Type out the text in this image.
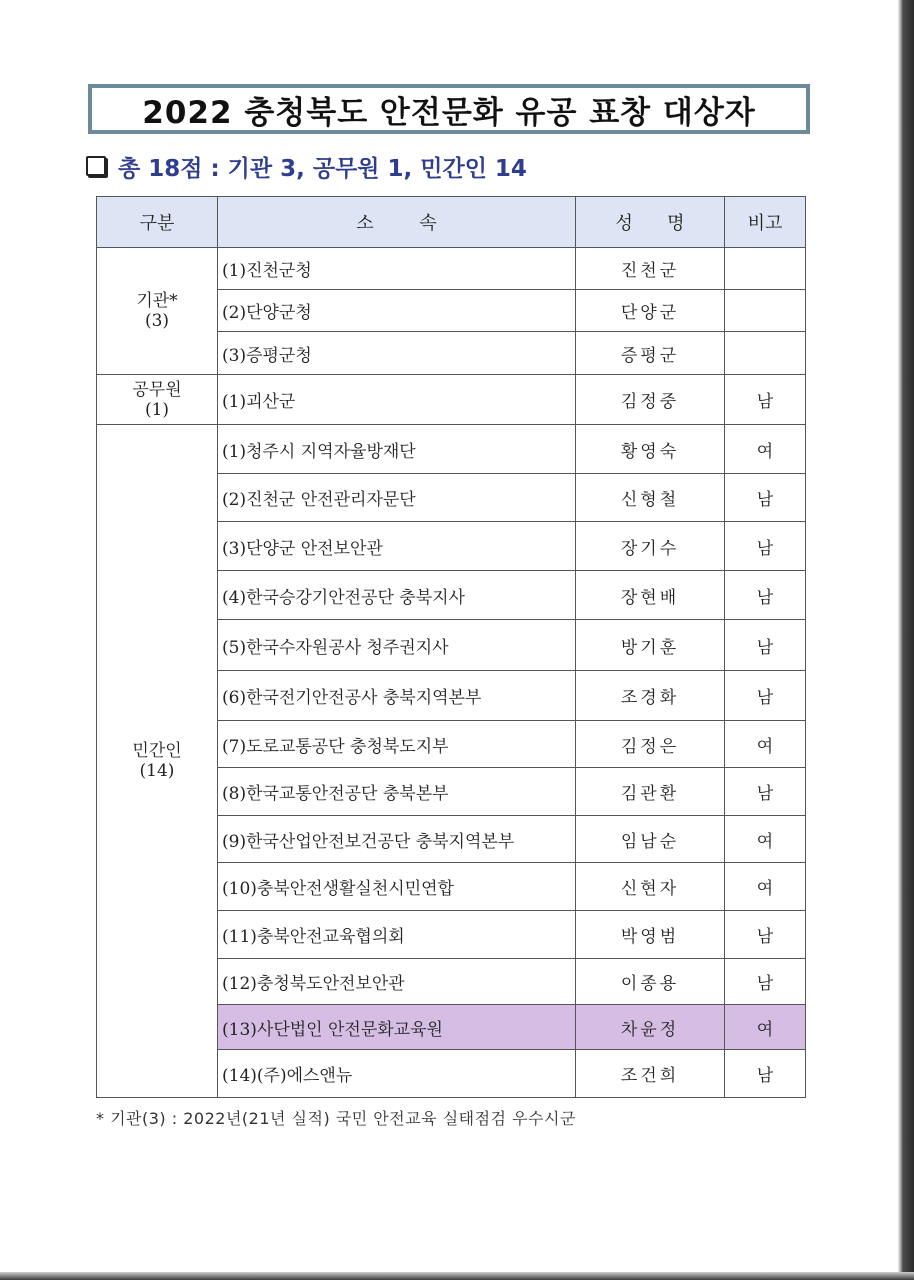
2022 충청북도 안전문화 유공 표창 대상자
총 18점 : 기관 3, 공무원 1, 민간인 14
구분	소        속	성      명	비고

기관*
(3)	(1)진천군청	진천군	
	(2)단양군청	단양군	
	(3)증평군청	증평군	

공무원
(1)	(1)괴산군	김정중	남

민간인
(14)	(1)청주시 지역자율방재단	황영숙	여
	(2)진천군 안전관리자문단	신형철	남
	(3)단양군 안전보안관	장기수	남
	(4)한국승강기안전공단 충북지사	장현배	남
	(5)한국수자원공사 청주권지사	방기훈	남
	(6)한국전기안전공사 충북지역본부	조경화	남
	(7)도로교통공단 충청북도지부	김정은	여
	(8)한국교통안전공단 충북본부	김관환	남
	(9)한국산업안전보건공단 충북지역본부	임남순	여
	(10)충북안전생활실천시민연합	신현자	여
	(11)충북안전교육협의회	박영범	남
	(12)충청북도안전보안관	이종용	남
	(13)사단법인 안전문화교육원	차윤정	여
	(14)(주)에스앤뉴	조건희	남
* 기관(3) : 2022년(21년 실적) 국민 안전교육 실태점검 우수시군
